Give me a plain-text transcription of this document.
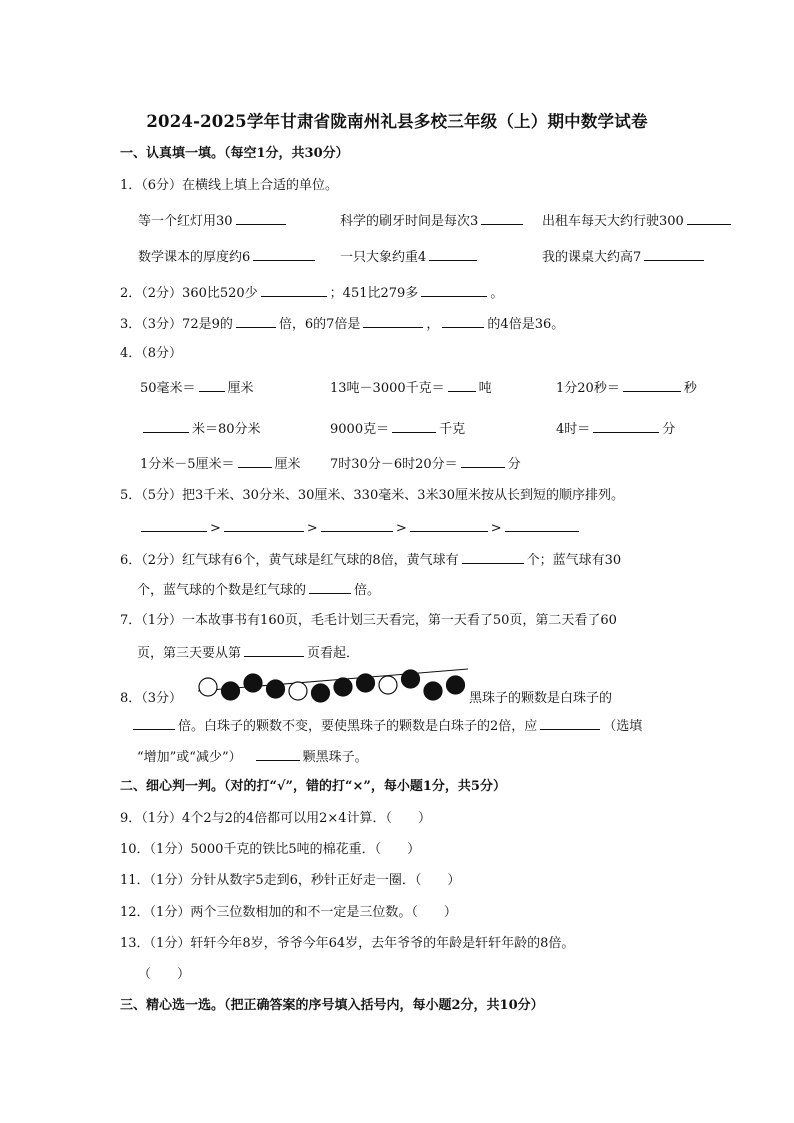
2024-2025学年甘肃省陇南州礼县多校三年级（上）期中数学试卷
一、认真填一填。（每空1分，共30分）
1．（6分）在横线上填上合适的单位。
等一个红灯用30	科学的刷牙时间是每次3	出租车每天大约行驶300
数学课本的厚度约6	一只大象约重4	我的课桌大约高7
2．（2分）360比520少	；451比279多	。
3．（3分）72是9的	倍，6的7倍是	，	的4倍是36。
4．（8分）
50毫米＝ 厘米	13吨－3000千克＝	吨	1分20秒＝	秒
米＝80分米	9000克＝	千克	4时＝	分
1分米－5厘米＝	厘米 7时30分－6时20分＝	分
5．（5分）把3千米、30分米、30厘米、330毫米、3米30厘米按从长到短的顺序排列。
>	>	>	>
6．（2分）红气球有6个，黄气球是红气球的8倍，黄气球有	个；蓝气球有30
个，蓝气球的个数是红气球的	倍。
7．（1分）一本故事书有160页，毛毛计划三天看完，第一天看了50页，第二天看了60
页，第三天要从第	页看起．
8．（3分）	黑珠子的颗数是白珠子的
倍。白珠子的颗数不变，要使黑珠子的颗数是白珠子的2倍，应	（选填
“增加”或“减少”）	颗黑珠子。
二、细心判一判。（对的打“√”，错的打“×”，每小题1分，共5分）
9．（1分）4个2与2的4倍都可以用2×4计算．（　　）
10．（1分）5000千克的铁比5吨的棉花重．（　　）
11．（1分）分针从数字5走到6，秒针正好走一圈．（　　）
12．（1分）两个三位数相加的和不一定是三位数。（　　）
13．（1分）轩轩今年8岁，爷爷今年64岁，去年爷爷的年龄是轩轩年龄的8倍。
（　　）
三、精心选一选。（把正确答案的序号填入括号内，每小题2分，共10分）
